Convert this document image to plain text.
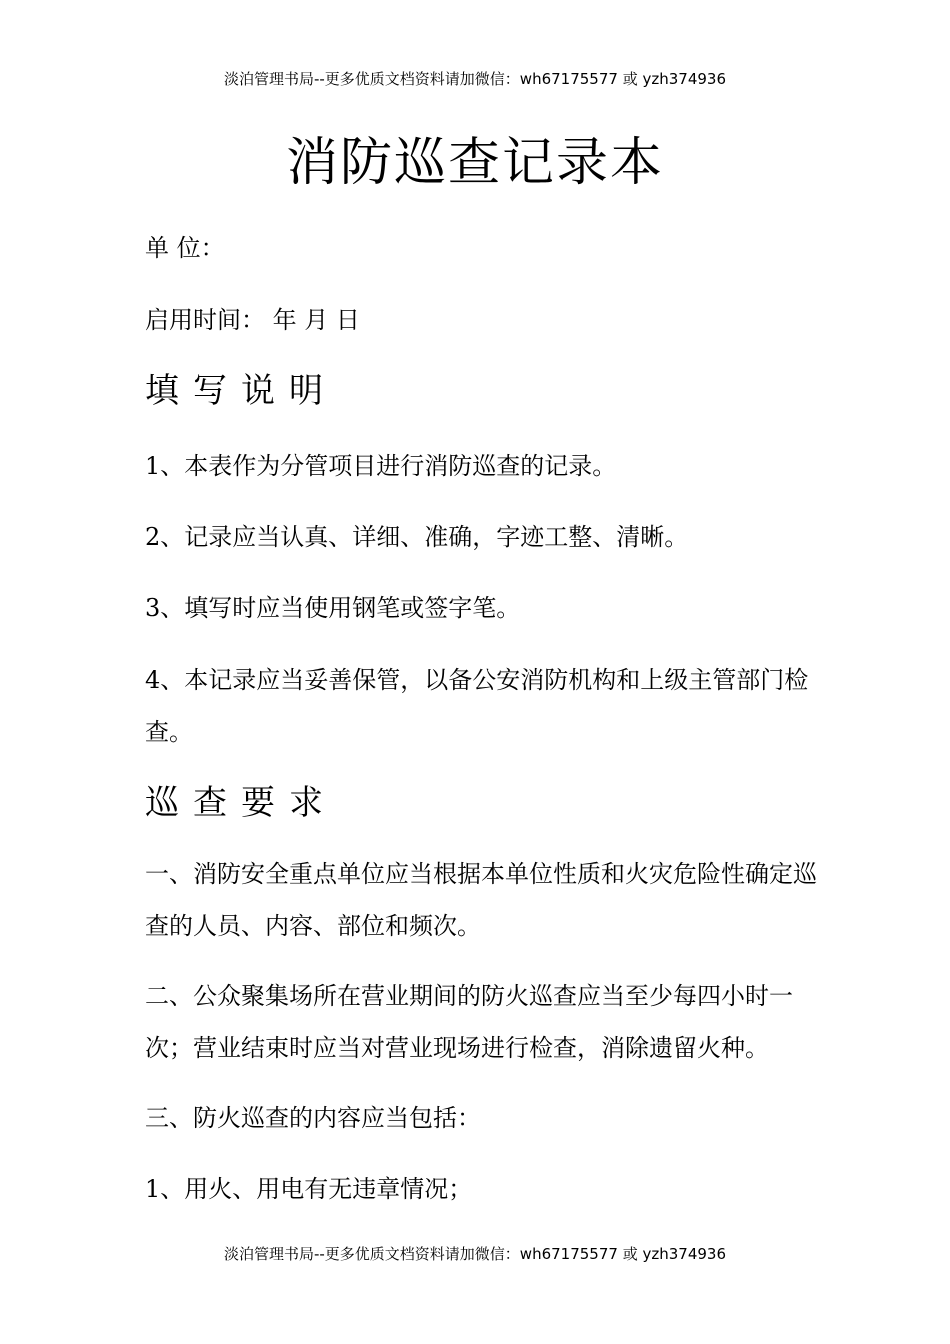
淡泊管理书局--更多优质文档资料请加微信：wh67175577 或 yzh374936
消防巡查记录本
单 位：
启用时间： 年 月 日
填写说明
1、本表作为分管项目进行消防巡查的记录。
2、记录应当认真、详细、准确，字迹工整、清晰。
3、填写时应当使用钢笔或签字笔。
4、本记录应当妥善保管，以备公安消防机构和上级主管部门检查。
巡查要求
一、消防安全重点单位应当根据本单位性质和火灾危险性确定巡查的人员、内容、部位和频次。
二、公众聚集场所在营业期间的防火巡查应当至少每四小时一次；营业结束时应当对营业现场进行检查，消除遗留火种。
三、防火巡查的内容应当包括：
1、用火、用电有无违章情况；
淡泊管理书局--更多优质文档资料请加微信：wh67175577 或 yzh374936
